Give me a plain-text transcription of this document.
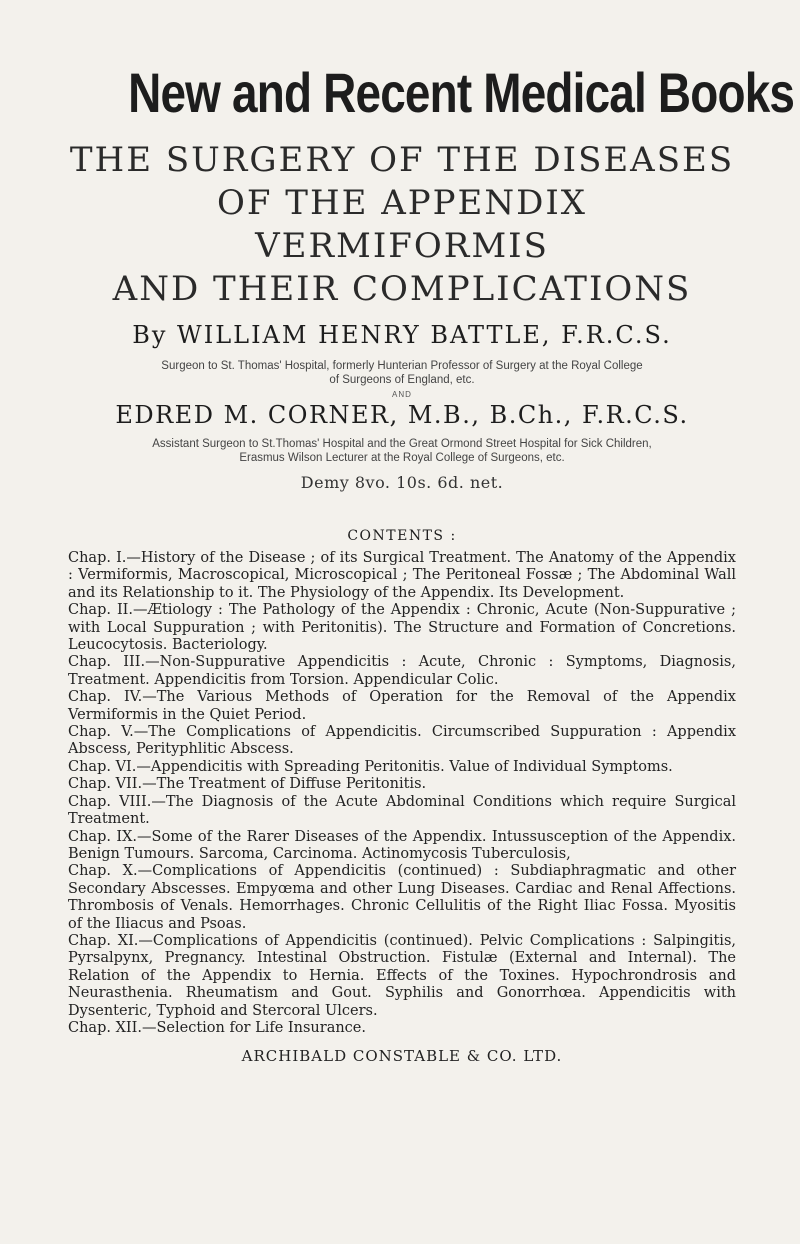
New and Recent Medical Books

THE SURGERY OF THE DISEASES

OF THE APPENDIX VERMIFORMIS

AND THEIR COMPLICATIONS

By WILLIAM HENRY BATTLE, F.R.C.S.

Surgeon to St. Thomas' Hospital, formerly Hunterian Professor of Surgery at the Royal College

of Surgeons of England, etc.

AND

EDRED M. CORNER, M.B., B.Ch., F.R.C.S.

Assistant Surgeon to St.Thomas' Hospital and the Great Ormond Street Hospital for Sick Children,

Erasmus Wilson Lecturer at the Royal College of Surgeons, etc.

Demy 8vo. 10s. 6d. net.

CONTENTS :

Chap. I.—History of the Disease ; of its Surgical Treatment. The Anatomy of the Appendix : Vermiformis, Macroscopical, Microscopical ; The Peritoneal Fossæ ; The Abdominal Wall and its Relationship to it. The Physiology of the Appendix. Its Development.

Chap. II.—Ætiology : The Pathology of the Appendix : Chronic, Acute (Non-Suppurative ; with Local Suppuration ; with Peritonitis). The Structure and Formation of Concretions. Leucocytosis. Bacteriology.

Chap. III.—Non-Suppurative Appendicitis : Acute, Chronic : Symptoms, Diagnosis, Treatment. Appendicitis from Torsion. Appendicular Colic.

Chap. IV.—The Various Methods of Operation for the Removal of the Appendix Vermiformis in the Quiet Period.

Chap. V.—The Complications of Appendicitis. Circumscribed Suppuration : Appendix Abscess, Perityphlitic Abscess.

Chap. VI.—Appendicitis with Spreading Peritonitis. Value of Individual Symptoms.

Chap. VII.—The Treatment of Diffuse Peritonitis.

Chap. VIII.—The Diagnosis of the Acute Abdominal Conditions which require Surgical Treatment.

Chap. IX.—Some of the Rarer Diseases of the Appendix. Intussusception of the Appendix. Benign Tumours. Sarcoma, Carcinoma. Actinomycosis Tuberculosis,

Chap. X.—Complications of Appendicitis (continued) : Subdiaphragmatic and other Secondary Abscesses. Empyœma and other Lung Diseases. Cardiac and Renal Affections. Thrombosis of Venals. Hemorrhages. Chronic Cellulitis of the Right Iliac Fossa. Myositis of the Iliacus and Psoas.

Chap. XI.—Complications of Appendicitis (continued). Pelvic Complications : Salpingitis, Pyrsalpynx, Pregnancy. Intestinal Obstruction. Fistulæ (External and Internal). The Relation of the Appendix to Hernia. Effects of the Toxines. Hypochrondrosis and Neurasthenia. Rheumatism and Gout. Syphilis and Gonorrhœa. Appendicitis with Dysenteric, Typhoid and Stercoral Ulcers.

Chap. XII.—Selection for Life Insurance.

ARCHIBALD CONSTABLE & CO. LTD.
